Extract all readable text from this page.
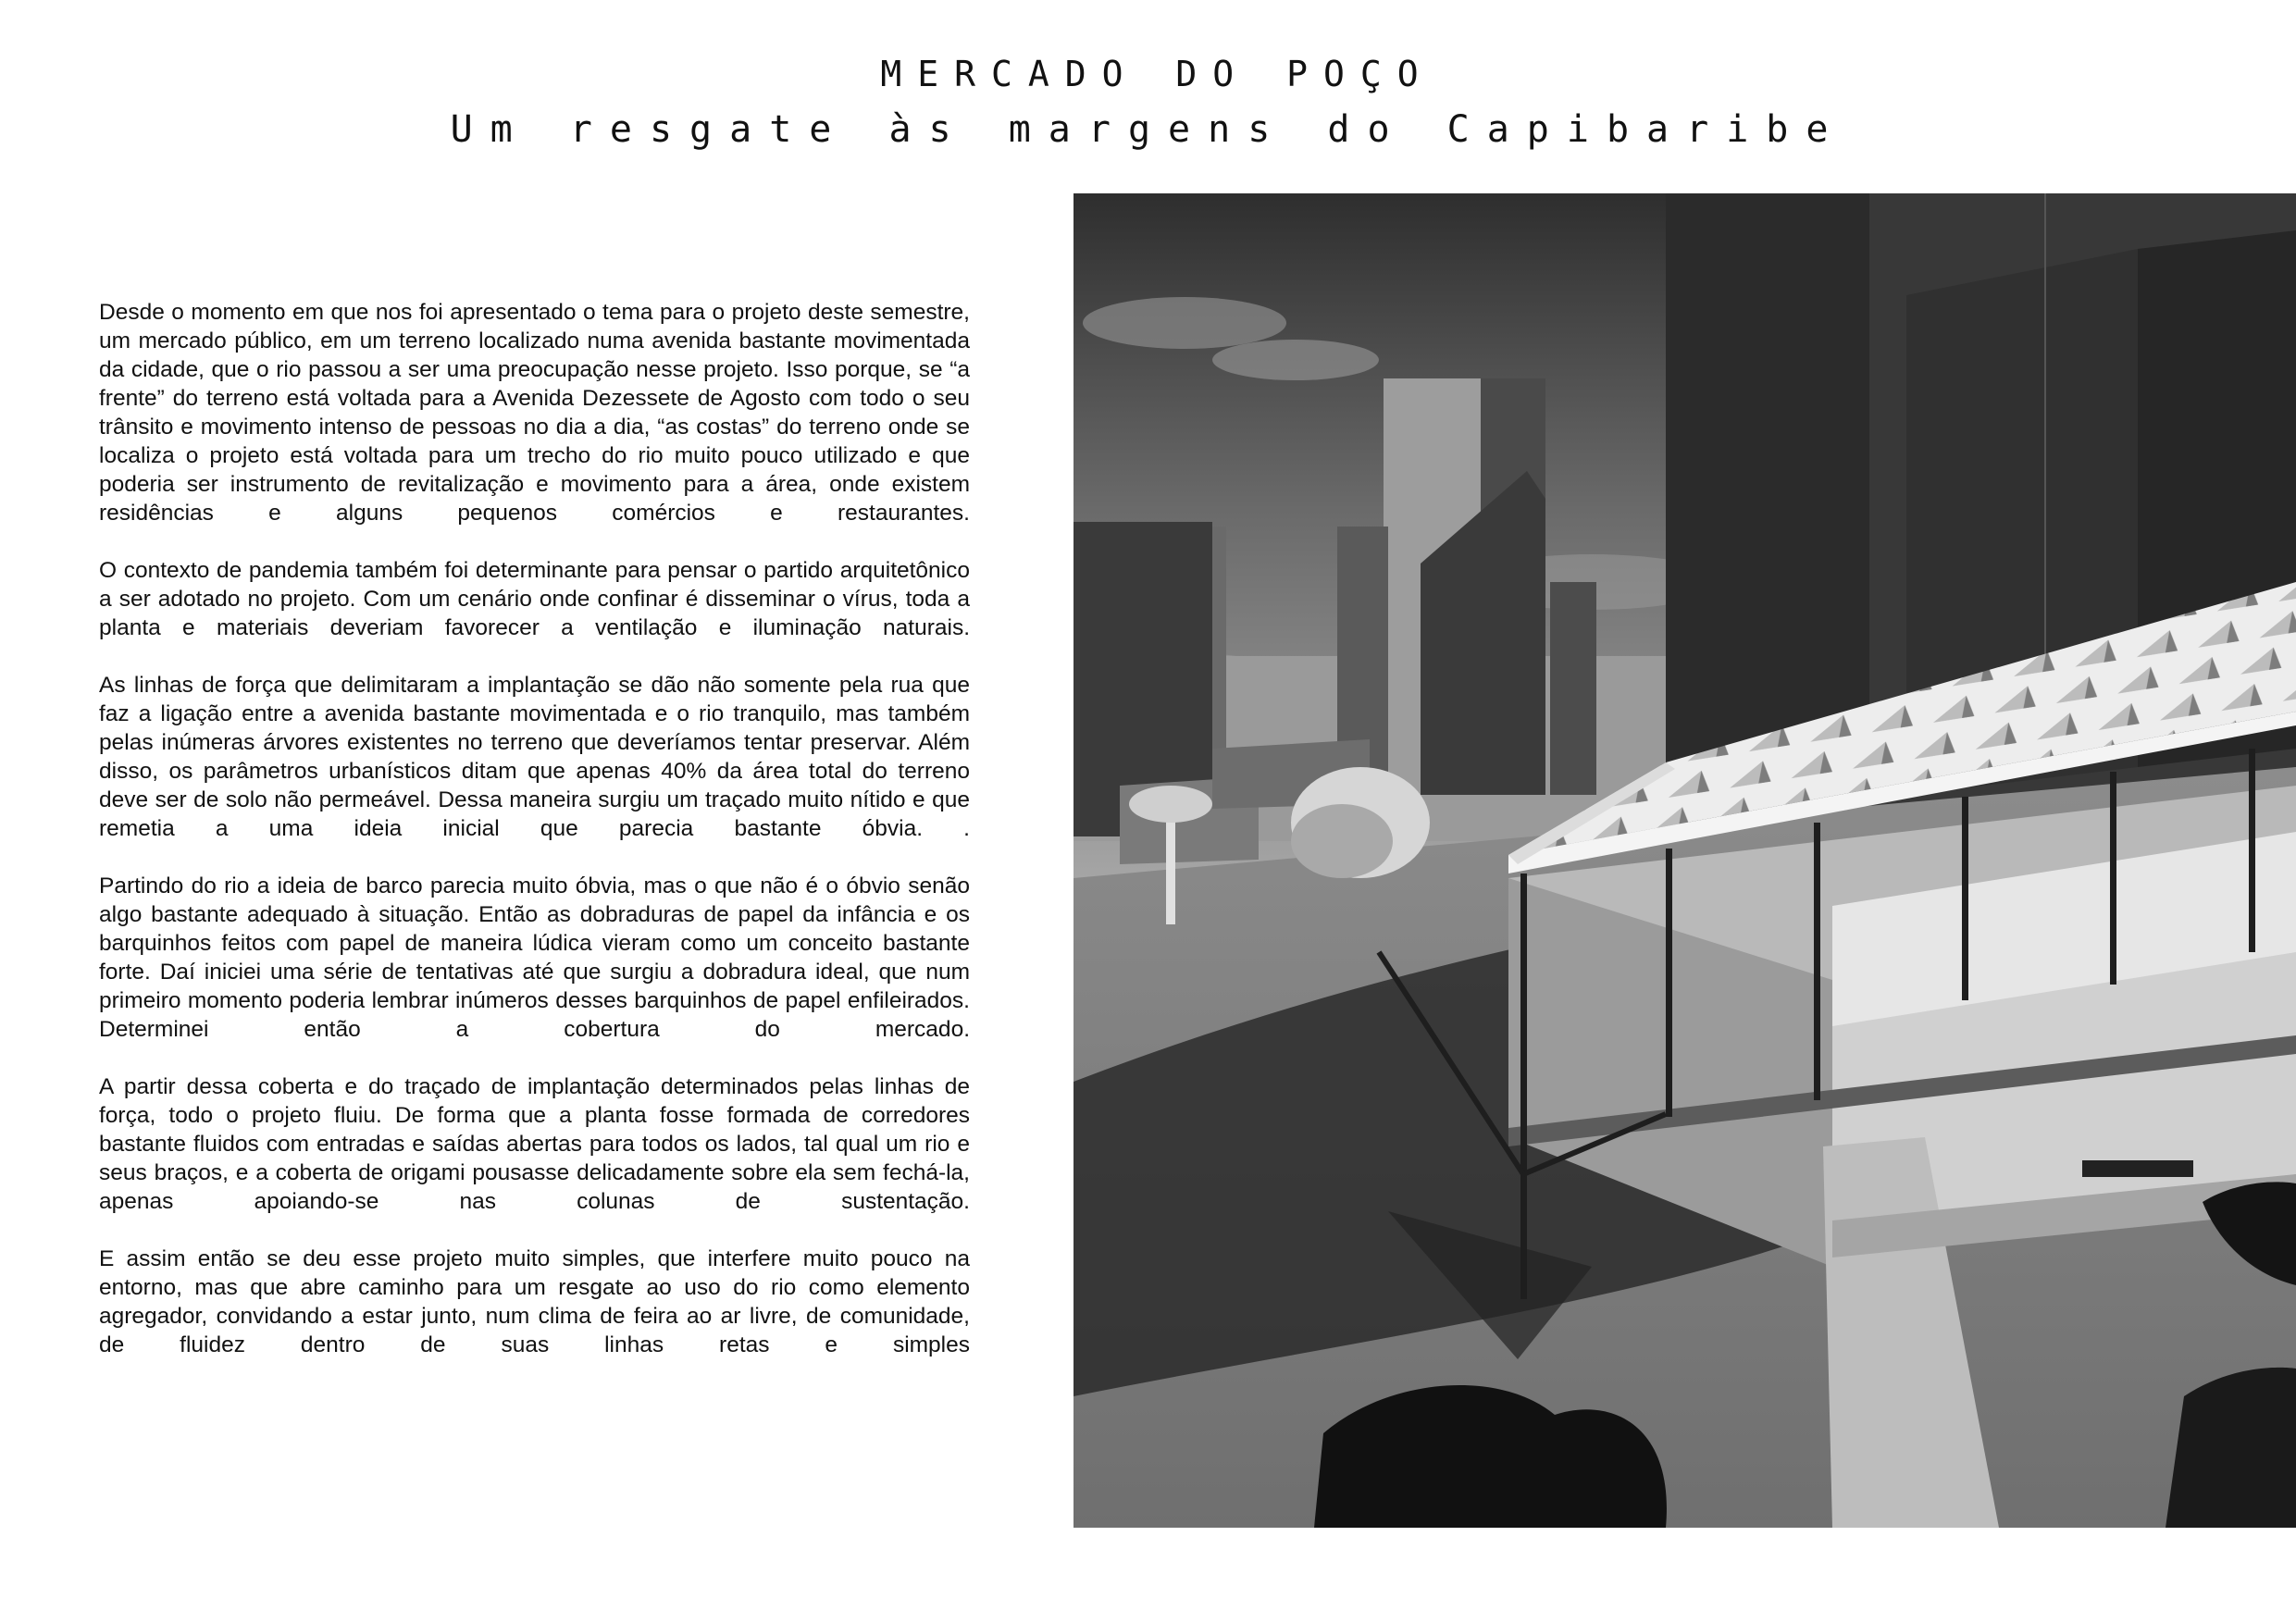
MERCADO DO POÇO
Um resgate às margens do Capibaribe

Desde o momento em que nos foi apresentado o tema para o projeto deste semestre, um mercado público, em um terreno localizado numa avenida bastante movimentada da cidade, que o rio passou a ser uma preocupação nesse projeto. Isso porque, se “a frente” do terreno está voltada para a Avenida Dezessete de Agosto com todo o seu trânsito e movimento intenso de pessoas no dia a dia, “as costas” do terreno onde se localiza o projeto está voltada para um trecho do rio muito pouco utilizado e que poderia ser instrumento de revitalização e movimento para a área, onde existem residências e alguns pequenos comércios e restaurantes.

O contexto de pandemia também foi determinante para pensar o partido arquitetônico a ser adotado no projeto. Com um cenário onde confinar é disseminar o vírus, toda a planta e materiais deveriam favorecer a ventilação e iluminação naturais.

As linhas de força que delimitaram a implantação se dão não somente pela rua que faz a ligação entre a avenida bastante movimentada e o rio tranquilo, mas também pelas inúmeras árvores existentes no terreno que deveríamos tentar preservar. Além disso, os parâmetros urbanísticos ditam que apenas 40% da área total do terreno deve ser de solo não permeável. Dessa maneira surgiu um traçado muito nítido e que remetia a uma ideia inicial que parecia bastante óbvia. .

Partindo do rio a ideia de barco parecia muito óbvia, mas o que não é o óbvio senão algo bastante adequado à situação. Então as dobraduras de papel da infância e os barquinhos feitos com papel de maneira lúdica vieram como um conceito bastante forte. Daí iniciei uma série de tentativas até que surgiu a dobradura ideal, que num primeiro momento poderia lembrar inúmeros desses barquinhos de papel enfileirados. Determinei então a cobertura do mercado.

A partir dessa coberta e do traçado de implantação determinados pelas linhas de força, todo o projeto fluiu. De forma que a planta fosse formada de corredores bastante fluidos com entradas e saídas abertas para todos os lados, tal qual um rio e seus braços, e a coberta de origami pousasse delicadamente sobre ela sem fechá-la, apenas apoiando-se nas colunas de sustentação.

E assim então se deu esse projeto muito simples, que interfere muito pouco na entorno, mas que abre caminho para um resgate ao uso do rio como elemento agregador, convidando a estar junto, num clima de feira ao ar livre, de comunidade, de fluidez dentro de suas linhas retas e simples
